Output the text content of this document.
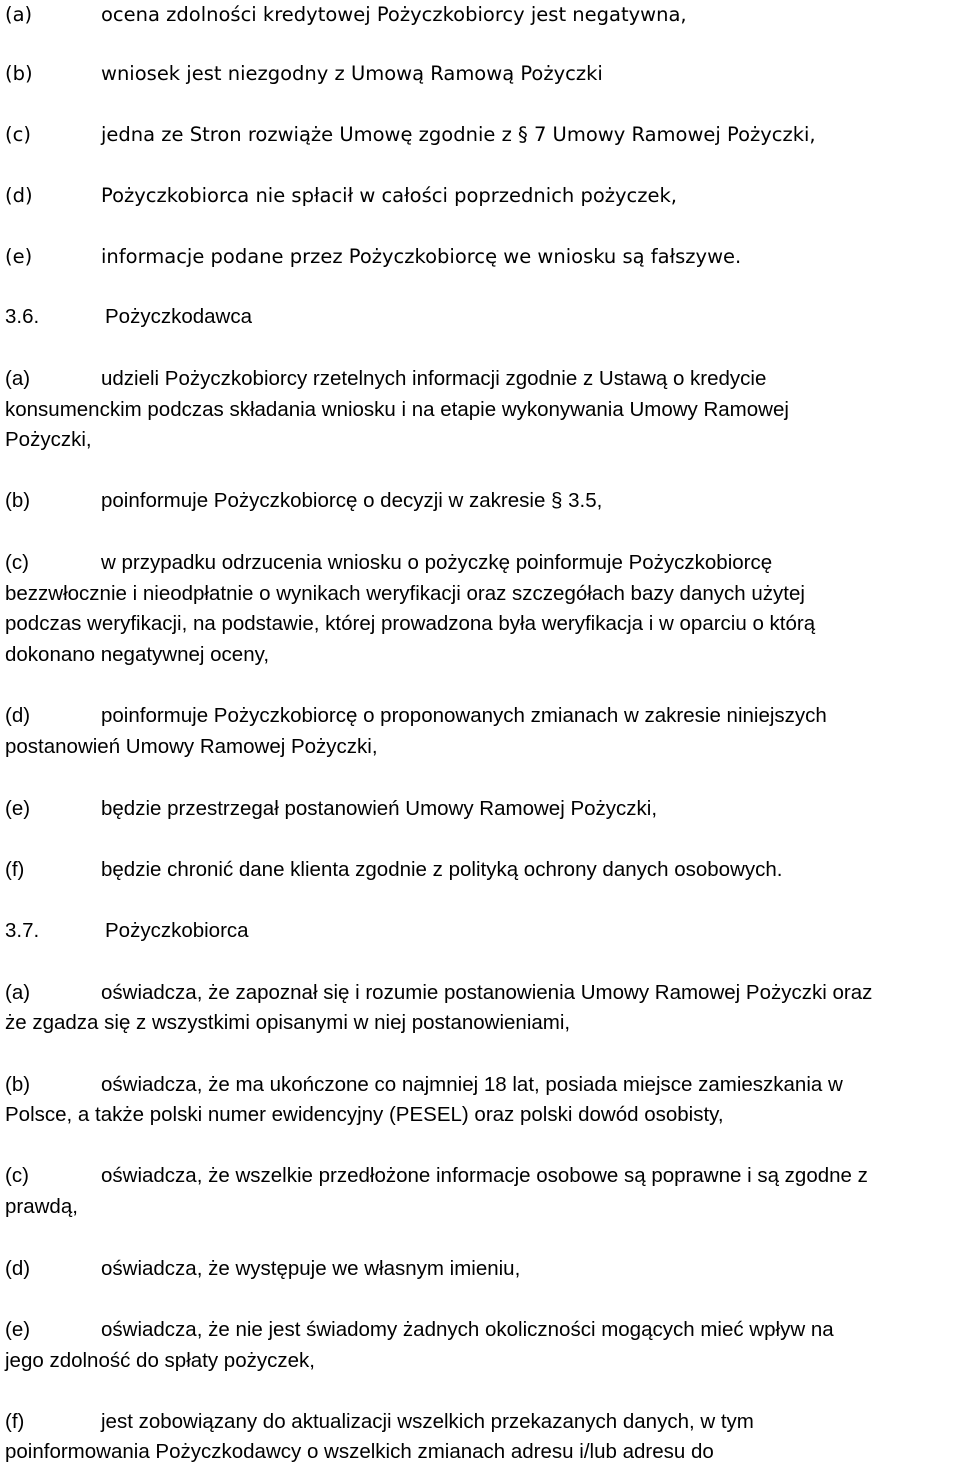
(a)	ocena zdolności kredytowej Pożyczkobiorcy jest negatywna,
(b)	wniosek jest niezgodny z Umową Ramową Pożyczki
(c)	jedna ze Stron rozwiąże Umowę zgodnie z § 7 Umowy Ramowej Pożyczki,
(d)	Pożyczkobiorca nie spłacił w całości poprzednich pożyczek,
(e)	informacje podane przez Pożyczkobiorcę we wniosku są fałszywe.
3.6.	Pożyczkodawca
(a)	udzieli Pożyczkobiorcy rzetelnych informacji zgodnie z Ustawą o kredycie
konsumenckim podczas składania wniosku i na etapie wykonywania Umowy Ramowej
Pożyczki,
(b)	poinformuje Pożyczkobiorcę o decyzji w zakresie § 3.5,
(c)	w przypadku odrzucenia wniosku o pożyczkę poinformuje Pożyczkobiorcę
bezzwłocznie i nieodpłatnie o wynikach weryfikacji oraz szczegółach bazy danych użytej
podczas weryfikacji, na podstawie, której prowadzona była weryfikacja i w oparciu o którą
dokonano negatywnej oceny,
(d)	poinformuje Pożyczkobiorcę o proponowanych zmianach w zakresie niniejszych
postanowień Umowy Ramowej Pożyczki,
(e)	będzie przestrzegał postanowień Umowy Ramowej Pożyczki,
(f)	będzie chronić dane klienta zgodnie z polityką ochrony danych osobowych.
3.7.	Pożyczkobiorca
(a)	oświadcza, że zapoznał się i rozumie postanowienia Umowy Ramowej Pożyczki oraz
że zgadza się z wszystkimi opisanymi w niej postanowieniami,
(b)	oświadcza, że ma ukończone co najmniej 18 lat, posiada miejsce zamieszkania w
Polsce, a także polski numer ewidencyjny (PESEL) oraz polski dowód osobisty,
(c)	oświadcza, że wszelkie przedłożone informacje osobowe są poprawne i są zgodne z
prawdą,
(d)	oświadcza, że występuje we własnym imieniu,
(e)	oświadcza, że nie jest świadomy żadnych okoliczności mogących mieć wpływ na
jego zdolność do spłaty pożyczek,
(f)	jest zobowiązany do aktualizacji wszelkich przekazanych danych, w tym
poinformowania Pożyczkodawcy o wszelkich zmianach adresu i/lub adresu do
